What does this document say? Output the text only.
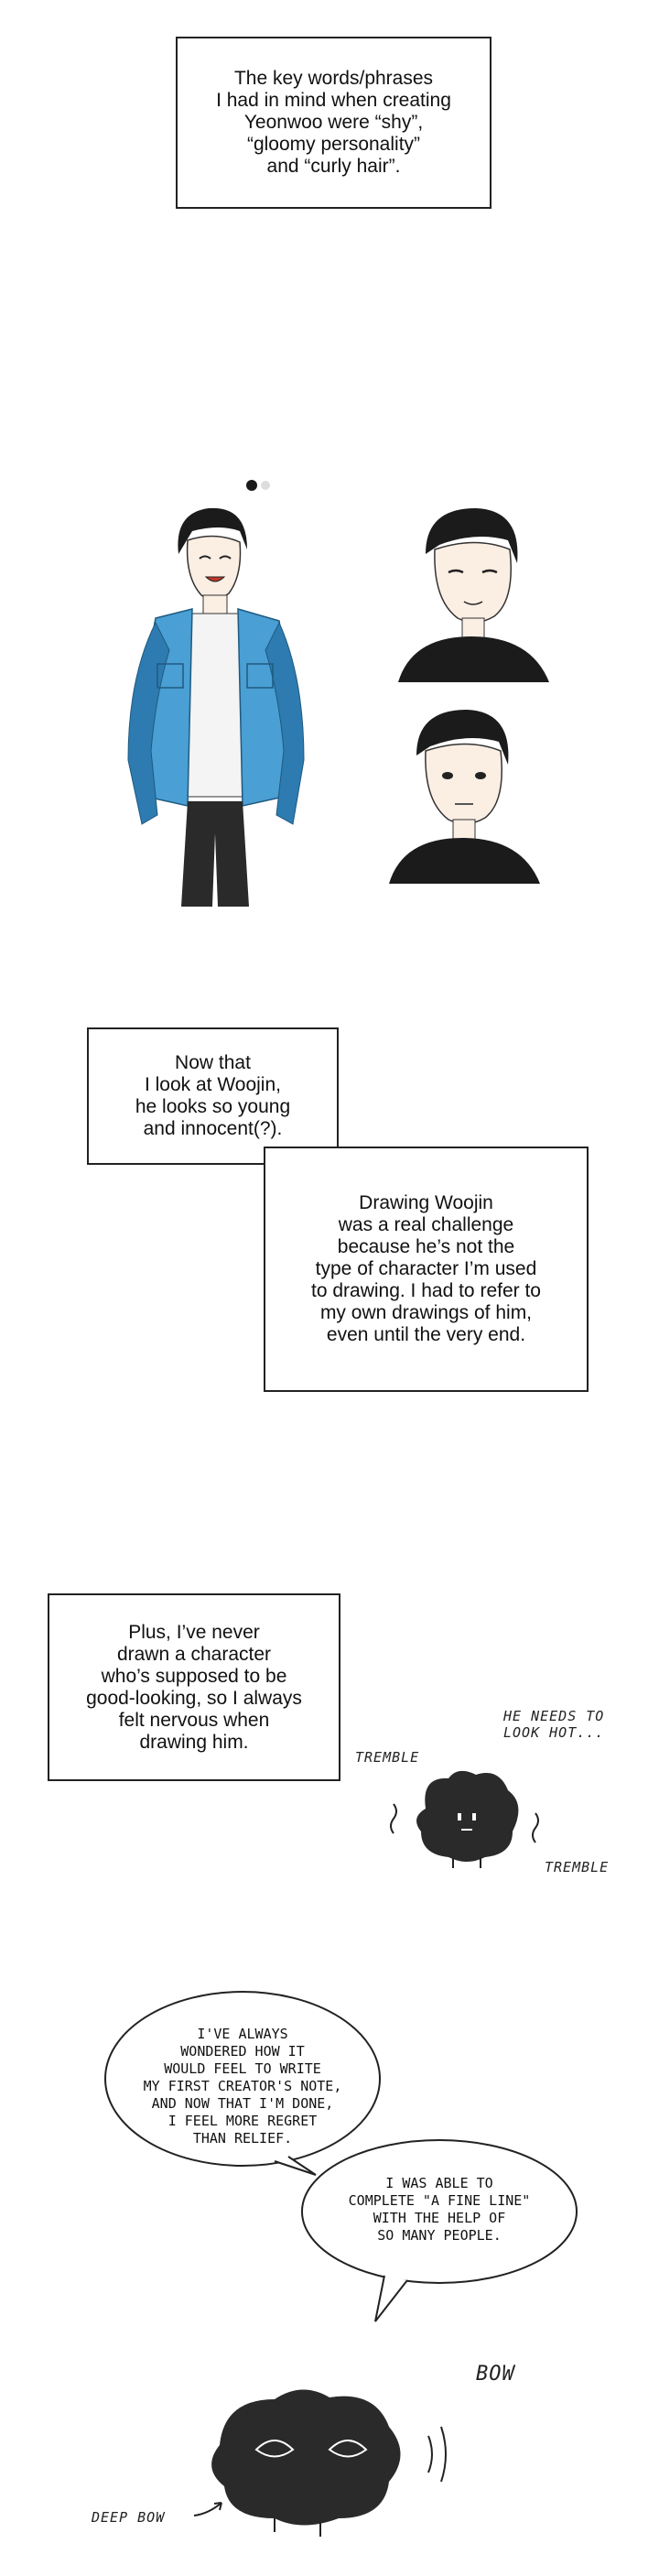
The key words/phrases
I had in mind when creating
Yeonwoo were “shy”,
“gloomy personality”
and “curly hair”.

Now that
I look at Woojin,
he looks so young
and innocent(?).

Drawing Woojin
was a real challenge
because he’s not the
type of character I’m used
to drawing. I had to refer to
my own drawings of him,
even until the very end.

Plus, I’ve never
drawn a character
who’s supposed to be
good-looking, so I always
felt nervous when
drawing him.

HE NEEDS TO
LOOK HOT...
TREMBLE
TREMBLE
I'VE ALWAYS
WONDERED HOW IT
WOULD FEEL TO WRITE
MY FIRST CREATOR'S NOTE,
AND NOW THAT I'M DONE,
I FEEL MORE REGRET
THAN RELIEF.
I WAS ABLE TO
COMPLETE "A FINE LINE"
WITH THE HELP OF
SO MANY PEOPLE.
BOW
DEEP BOW
